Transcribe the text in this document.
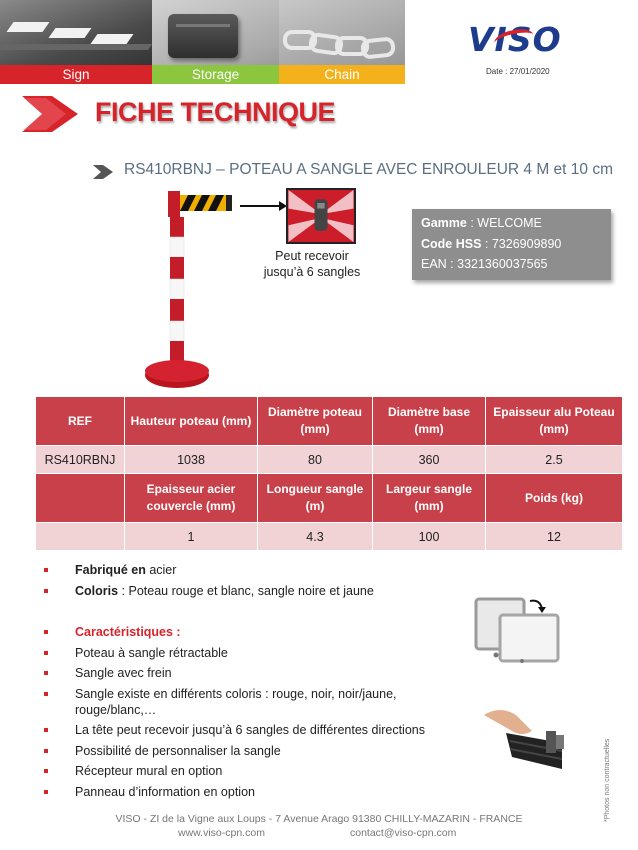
Sign	Storage	Chain
VISO
Date : 27/01/2020
FICHE TECHNIQUE
RS410RBNJ – POTEAU A SANGLE AVEC ENROULEUR 4 M et 10 cm
Peut recevoir
jusqu’à 6 sangles
Gamme : WELCOME
Code HSS : 7326909890
EAN : 3321360037565
REF	Hauteur poteau (mm)	Diamètre poteau (mm)	Diamètre base (mm)	Epaisseur alu Poteau (mm)
RS410RBNJ	1038	80	360	2.5
	Epaisseur acier couvercle (mm)	Longueur sangle (m)	Largeur sangle (mm)	Poids (kg)
	1	4.3	100	12
Fabriqué en acier
Coloris : Poteau rouge et blanc, sangle noire et jaune
Caractéristiques :
Poteau à sangle rétractable
Sangle avec frein
Sangle existe en différents coloris : rouge, noir, noir/jaune, rouge/blanc,…
La tête peut recevoir jusqu’à 6 sangles de différentes directions
Possibilité de personnaliser la sangle
Récepteur mural en option
Panneau d’information en option	*Photos non contractuelles
VISO - ZI de la Vigne aux Loups - 7 Avenue Arago 91380 CHILLY-MAZARIN - FRANCE
www.viso-cpn.com	contact@viso-cpn.com
